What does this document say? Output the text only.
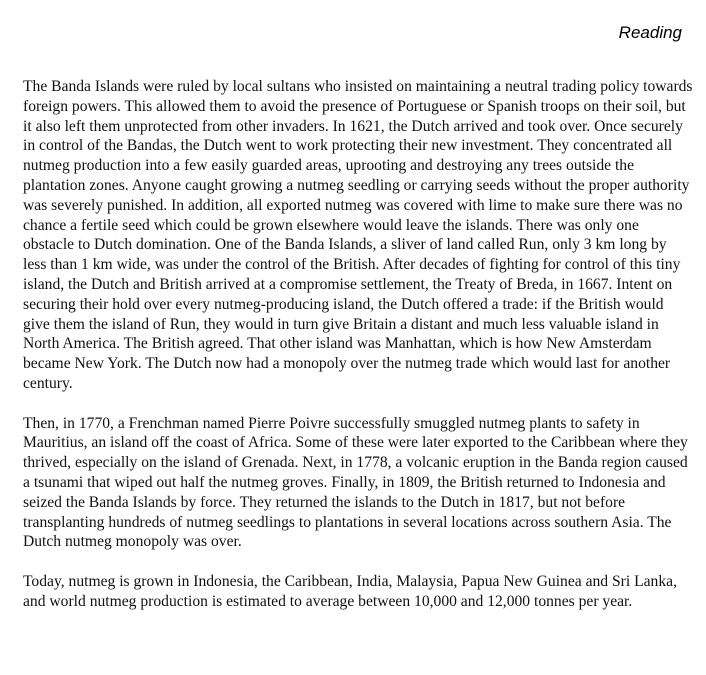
Reading

The Banda Islands were ruled by local sultans who insisted on maintaining a neutral trading policy towards foreign powers. This allowed them to avoid the presence of Portuguese or Spanish troops on their soil, but it also left them unprotected from other invaders. In 1621, the Dutch arrived and took over. Once securely in control of the Bandas, the Dutch went to work protecting their new investment. They concentrated all nutmeg production into a few easily guarded areas, uprooting and destroying any trees outside the plantation zones. Anyone caught growing a nutmeg seedling or carrying seeds without the proper authority was severely punished. In addition, all exported nutmeg was covered with lime to make sure there was no chance a fertile seed which could be grown elsewhere would leave the islands. There was only one obstacle to Dutch domination. One of the Banda Islands, a sliver of land called Run, only 3 km long by less than 1 km wide, was under the control of the British. After decades of fighting for control of this tiny island, the Dutch and British arrived at a compromise settlement, the Treaty of Breda, in 1667. Intent on securing their hold over every nutmeg-producing island, the Dutch offered a trade: if the British would give them the island of Run, they would in turn give Britain a distant and much less valuable island in North America. The British agreed. That other island was Manhattan, which is how New Amsterdam became New York. The Dutch now had a monopoly over the nutmeg trade which would last for another century.

Then, in 1770, a Frenchman named Pierre Poivre successfully smuggled nutmeg plants to safety in Mauritius, an island off the coast of Africa. Some of these were later exported to the Caribbean where they thrived, especially on the island of Grenada. Next, in 1778, a volcanic eruption in the Banda region caused a tsunami that wiped out half the nutmeg groves. Finally, in 1809, the British returned to Indonesia and seized the Banda Islands by force. They returned the islands to the Dutch in 1817, but not before transplanting hundreds of nutmeg seedlings to plantations in several locations across southern Asia. The Dutch nutmeg monopoly was over.

Today, nutmeg is grown in Indonesia, the Caribbean, India, Malaysia, Papua New Guinea and Sri Lanka, and world nutmeg production is estimated to average between 10,000 and 12,000 tonnes per year.
